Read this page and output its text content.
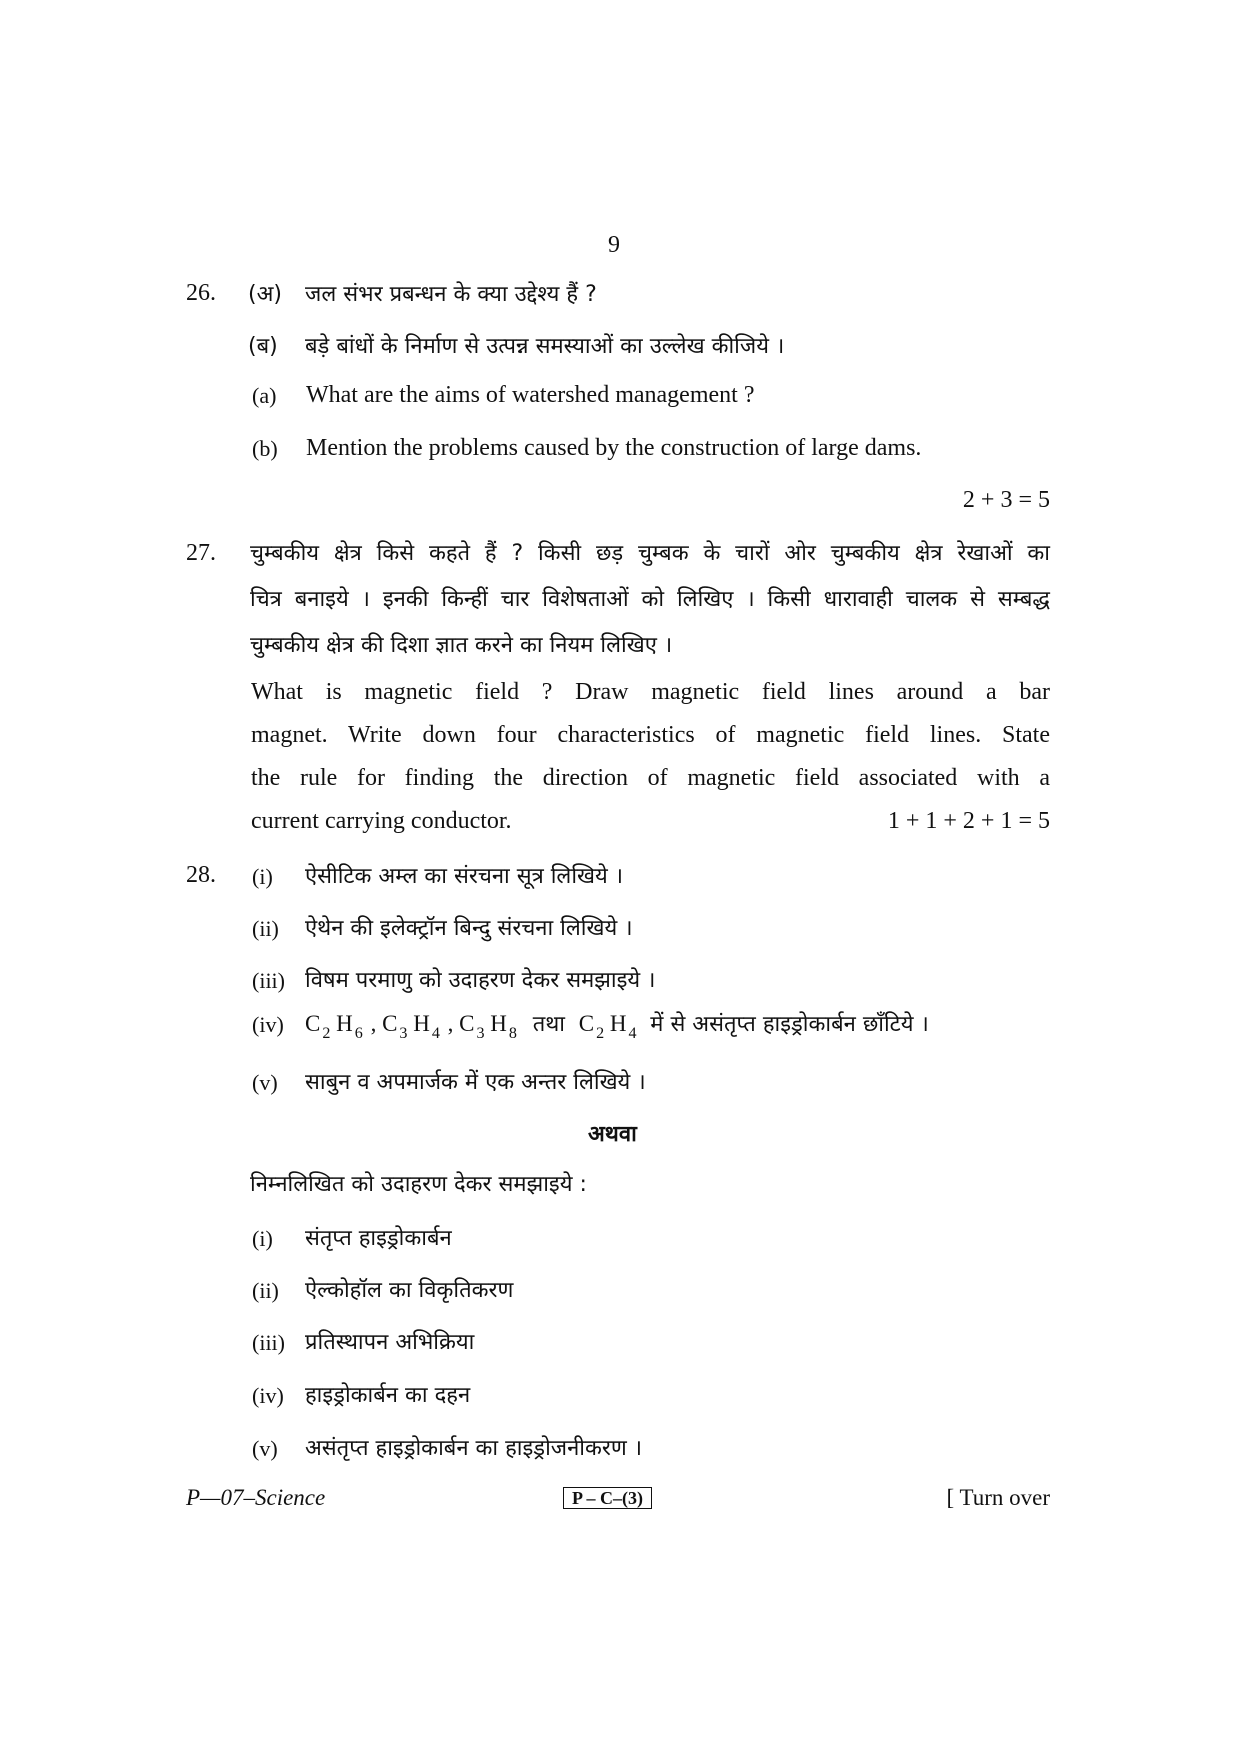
9
26. (अ) जल संभर प्रबन्धन के क्या उद्देश्य हैं ?
(ब) बड़े बांधों के निर्माण से उत्पन्न समस्याओं का उल्लेख कीजिये ।
(a) What are the aims of watershed management ?
(b) Mention the problems caused by the construction of large dams.
2 + 3 = 5
27. चुम्बकीय क्षेत्र किसे कहते हैं ? किसी छड़ चुम्बक के चारों ओर चुम्बकीय क्षेत्र रेखाओं का
चित्र बनाइये । इनकी किन्हीं चार विशेषताओं को लिखिए । किसी धारावाही चालक से सम्बद्ध
चुम्बकीय क्षेत्र की दिशा ज्ञात करने का नियम लिखिए ।
What is magnetic field ? Draw magnetic field lines around a bar
magnet. Write down four characteristics of magnetic field lines. State
the rule for finding the direction of magnetic field associated with a
current carrying conductor.	1 + 1 + 2 + 1 = 5
28. (i) ऐसीटिक अम्ल का संरचना सूत्र लिखिये ।
(ii) ऐथेन की इलेक्ट्रॉन बिन्दु संरचना लिखिये ।
(iii) विषम परमाणु को उदाहरण देकर समझाइये ।
(iv) C $_2$ H $_6$ , C $_3$ H $_4$ , C $_3$ H $_8$ तथा C $_2$ H $_4$ में से असंतृप्त हाइड्रोकार्बन छाँटिये ।
(v) साबुन व अपमार्जक में एक अन्तर लिखिये ।
अथवा
निम्नलिखित को उदाहरण देकर समझाइये :
(i) संतृप्त हाइड्रोकार्बन
(ii) ऐल्कोहॉल का विकृतिकरण
(iii) प्रतिस्थापन अभिक्रिया
(iv) हाइड्रोकार्बन का दहन
(v) असंतृप्त हाइड्रोकार्बन का हाइड्रोजनीकरण ।
P—07–Science	P – C–(3)	[ Turn over
